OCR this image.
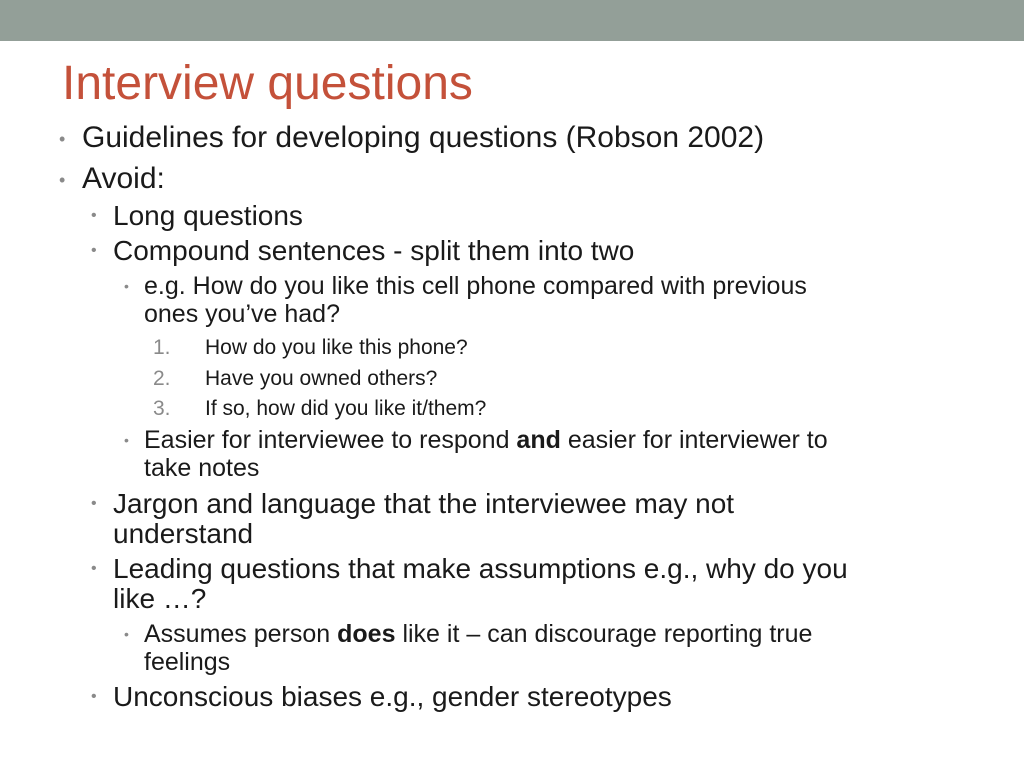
Interview questions
• Guidelines for developing questions (Robson 2002)
• Avoid:
• Long questions
• Compound sentences - split them into two
• e.g. How do you like this cell phone compared with previous
ones you’ve had?
1. How do you like this phone?
2. Have you owned others?
3. If so, how did you like it/them?
• Easier for interviewee to respond and easier for interviewer to
take notes
• Jargon and language that the interviewee may not
understand
• Leading questions that make assumptions e.g., why do you
like …?
• Assumes person does like it – can discourage reporting true
feelings
• Unconscious biases e.g., gender stereotypes
